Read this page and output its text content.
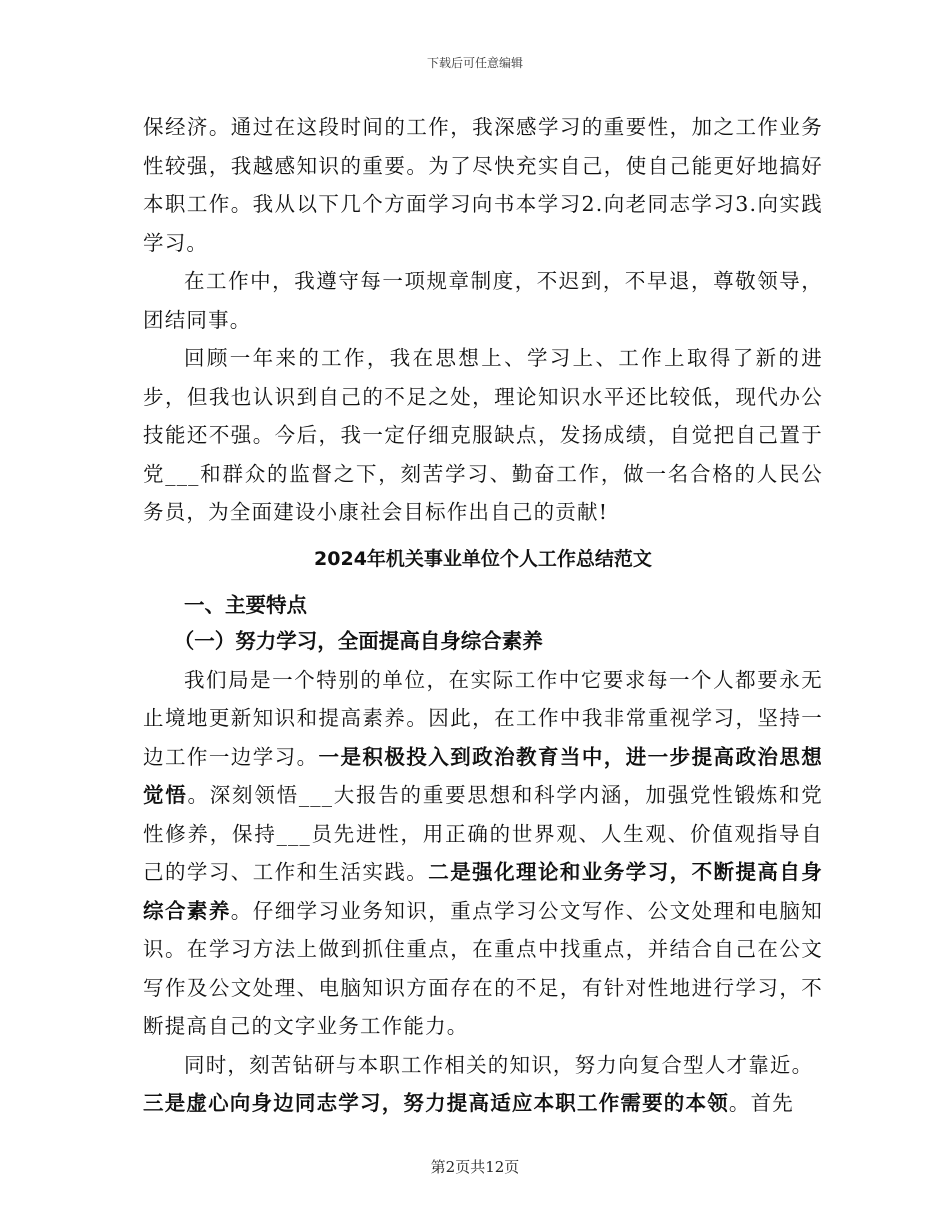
下载后可任意编辑

保经济。通过在这段时间的工作，我深感学习的重要性，加之工作业务性较强，我越感知识的重要。为了尽快充实自己，使自己能更好地搞好本职工作。我从以下几个方面学习向书本学习2.向老同志学习3.向实践学习。

在工作中，我遵守每一项规章制度，不迟到，不早退，尊敬领导，团结同事。

回顾一年来的工作，我在思想上、学习上、工作上取得了新的进步，但我也认识到自己的不足之处，理论知识水平还比较低，现代办公技能还不强。今后，我一定仔细克服缺点，发扬成绩，自觉把自己置于党___和群众的监督之下，刻苦学习、勤奋工作，做一名合格的人民公务员，为全面建设小康社会目标作出自己的贡献!

2024年机关事业单位个人工作总结范文
一、主要特点
（一）努力学习，全面提高自身综合素养

我们局是一个特别的单位，在实际工作中它要求每一个人都要永无止境地更新知识和提高素养。因此，在工作中我非常重视学习，坚持一边工作一边学习。一是积极投入到政治教育当中，进一步提高政治思想觉悟。深刻领悟___大报告的重要思想和科学内涵，加强党性锻炼和党性修养，保持___员先进性，用正确的世界观、人生观、价值观指导自己的学习、工作和生活实践。二是强化理论和业务学习，不断提高自身综合素养。仔细学习业务知识，重点学习公文写作、公文处理和电脑知识。在学习方法上做到抓住重点，在重点中找重点，并结合自己在公文写作及公文处理、电脑知识方面存在的不足，有针对性地进行学习，不断提高自己的文字业务工作能力。

同时，刻苦钻研与本职工作相关的知识，努力向复合型人才靠近。

三是虚心向身边同志学习，努力提高适应本职工作需要的本领。首先

第2页共12页
